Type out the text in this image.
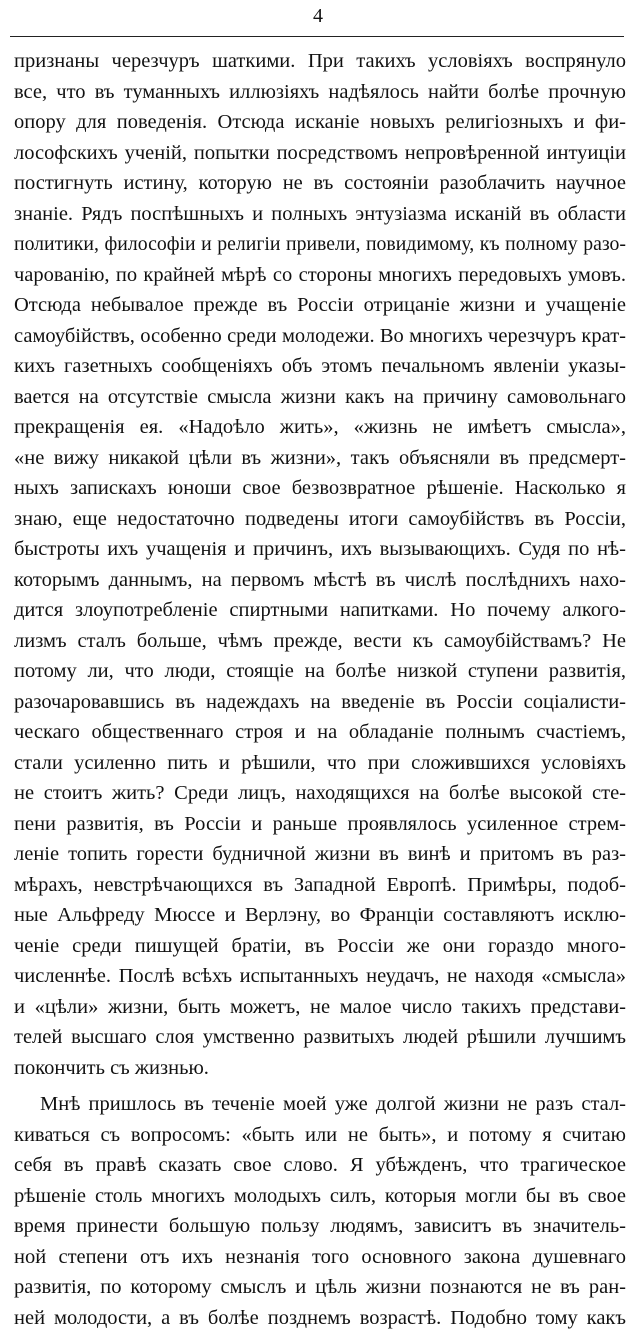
4
признаны черезчуръ шаткими. При такихъ условіяхъ воспрянуло
все, что въ туманныхъ иллюзіяхъ надѣялось найти болѣе прочную
опору для поведенія. Отсюда исканіе новыхъ религіозныхъ и фи-
лософскихъ ученій, попытки посредствомъ непровѣренной интуиціи
постигнуть истину, которую не въ состояніи разоблачить научное
знаніе. Рядъ поспѣшныхъ и полныхъ энтузіазма исканій въ области
политики, философіи и религіи привели, повидимому, къ полному разо-
чарованію, по крайней мѣрѣ со стороны многихъ передовыхъ умовъ.
Отсюда небывалое прежде въ Россіи отрицаніе жизни и учащеніе
самоубійствъ, особенно среди молодежи. Во многихъ черезчуръ крат-
кихъ газетныхъ сообщеніяхъ объ этомъ печальномъ явленіи указы-
вается на отсутствіе смысла жизни какъ на причину самовольнаго
прекращенія ея. «Надоѣло жить», «жизнь не имѣетъ смысла»,
«не вижу никакой цѣли въ жизни», такъ объясняли въ предсмерт-
ныхъ запискахъ юноши свое безвозвратное рѣшеніе. Насколько я
знаю, еще недостаточно подведены итоги самоубійствъ въ Россіи,
быстроты ихъ учащенія и причинъ, ихъ вызывающихъ. Судя по нѣ-
которымъ даннымъ, на первомъ мѣстѣ въ числѣ послѣднихъ нахо-
дится злоупотребленіе спиртными напитками. Но почему алкого-
лизмъ сталъ больше, чѣмъ прежде, вести къ самоубійствамъ? Не
потому ли, что люди, стоящіе на болѣе низкой ступени развитія,
разочаровавшись въ надеждахъ на введеніе въ Россіи соціалисти-
ческаго общественнаго строя и на обладаніе полнымъ счастіемъ,
стали усиленно пить и рѣшили, что при сложившихся условіяхъ
не стоитъ жить? Среди лицъ, находящихся на болѣе высокой сте-
пени развитія, въ Россіи и раньше проявлялось усиленное стрем-
леніе топить горести будничной жизни въ винѣ и притомъ въ раз-
мѣрахъ, невстрѣчающихся въ Западной Европѣ. Примѣры, подоб-
ные Альфреду Мюссе и Верлэну, во Франціи составляютъ исклю-
ченіе среди пишущей братіи, въ Россіи же они гораздо много-
численнѣе. Послѣ всѣхъ испытанныхъ неудачъ, не находя «смысла»
и «цѣли» жизни, быть можетъ, не малое число такихъ представи-
телей высшаго слоя умственно развитыхъ людей рѣшили лучшимъ
покончить съ жизнью.
Мнѣ пришлось въ теченіе моей уже долгой жизни не разъ стал-
киваться съ вопросомъ: «быть или не быть», и потому я считаю
себя въ правѣ сказать свое слово. Я убѣжденъ, что трагическое
рѣшеніе столь многихъ молодыхъ силъ, которыя могли бы въ свое
время принести большую пользу людямъ, зависитъ въ значитель-
ной степени отъ ихъ незнанія того основного закона душевнаго
развитія, по которому смыслъ и цѣль жизни познаются не въ ран-
ней молодости, а въ болѣе позднемъ возрастѣ. Подобно тому какъ
